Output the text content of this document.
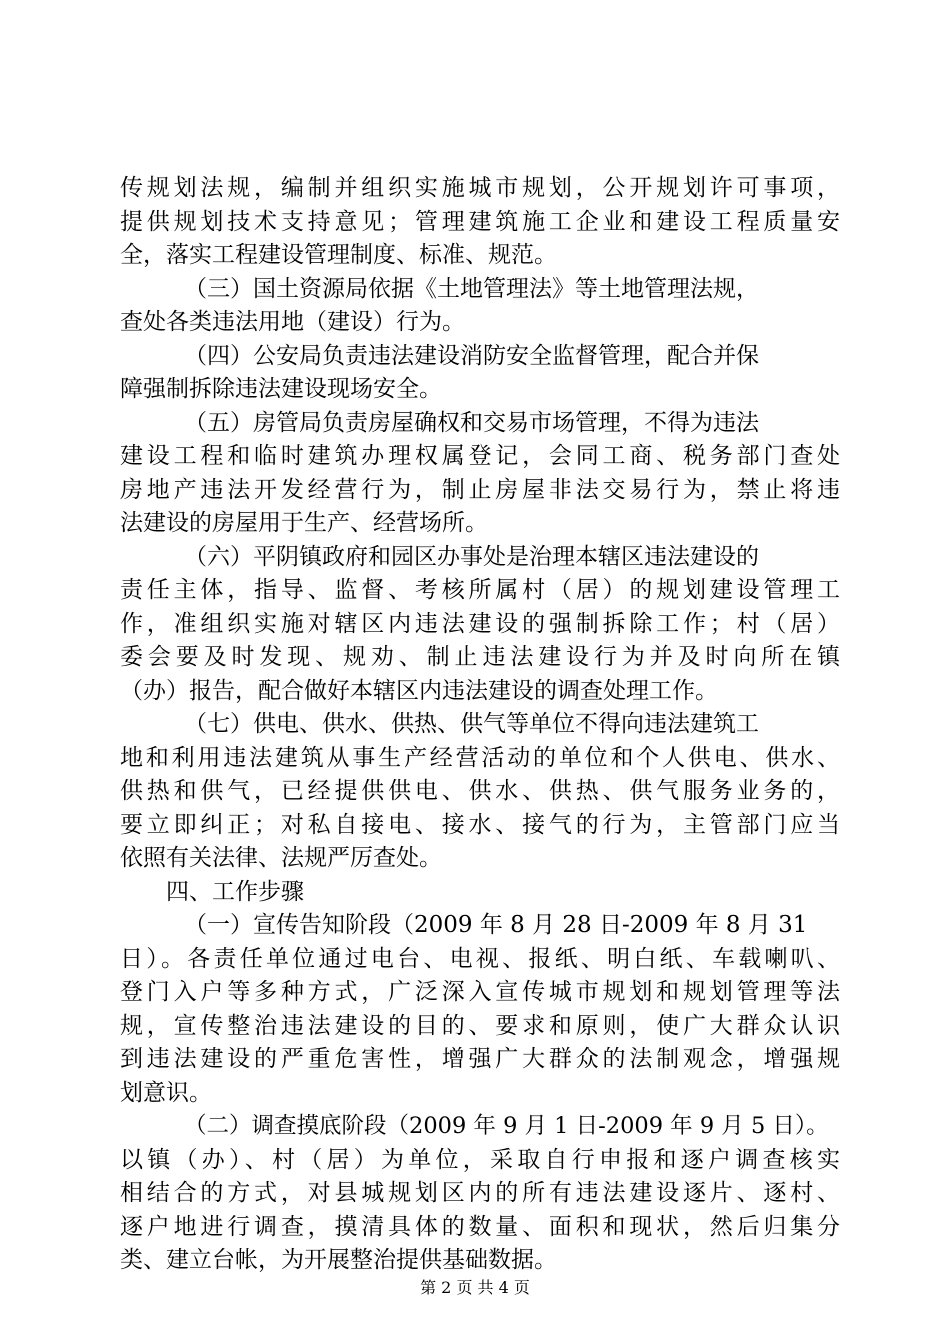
传规划法规，编制并组织实施城市规划，公开规划许可事项，
提供规划技术支持意见；管理建筑施工企业和建设工程质量安
全，落实工程建设管理制度、标准、规范。
（三）国土资源局依据《土地管理法》等土地管理法规，
查处各类违法用地（建设）行为。
（四）公安局负责违法建设消防安全监督管理，配合并保
障强制拆除违法建设现场安全。
（五）房管局负责房屋确权和交易市场管理，不得为违法
建设工程和临时建筑办理权属登记，会同工商、税务部门查处
房地产违法开发经营行为，制止房屋非法交易行为，禁止将违
法建设的房屋用于生产、经营场所。
（六）平阴镇政府和园区办事处是治理本辖区违法建设的
责任主体，指导、监督、考核所属村（居）的规划建设管理工
作，准组织实施对辖区内违法建设的强制拆除工作；村（居）
委会要及时发现、规劝、制止违法建设行为并及时向所在镇
（办）报告，配合做好本辖区内违法建设的调查处理工作。
（七）供电、供水、供热、供气等单位不得向违法建筑工
地和利用违法建筑从事生产经营活动的单位和个人供电、供水、
供热和供气，已经提供供电、供水、供热、供气服务业务的，
要立即纠正；对私自接电、接水、接气的行为，主管部门应当
依照有关法律、法规严厉查处。
四、工作步骤
（一）宣传告知阶段（2009 年 8 月 28 日-2009 年 8 月 31
日）。各责任单位通过电台、电视、报纸、明白纸、车载喇叭、
登门入户等多种方式，广泛深入宣传城市规划和规划管理等法
规，宣传整治违法建设的目的、要求和原则，使广大群众认识
到违法建设的严重危害性，增强广大群众的法制观念，增强规
划意识。
（二）调查摸底阶段（2009 年 9 月 1 日-2009 年 9 月 5 日）。
以镇（办）、村（居）为单位，采取自行申报和逐户调查核实
相结合的方式，对县城规划区内的所有违法建设逐片、逐村、
逐户地进行调查，摸清具体的数量、面积和现状，然后归集分
类、建立台帐，为开展整治提供基础数据。
第 2 页 共 4 页
